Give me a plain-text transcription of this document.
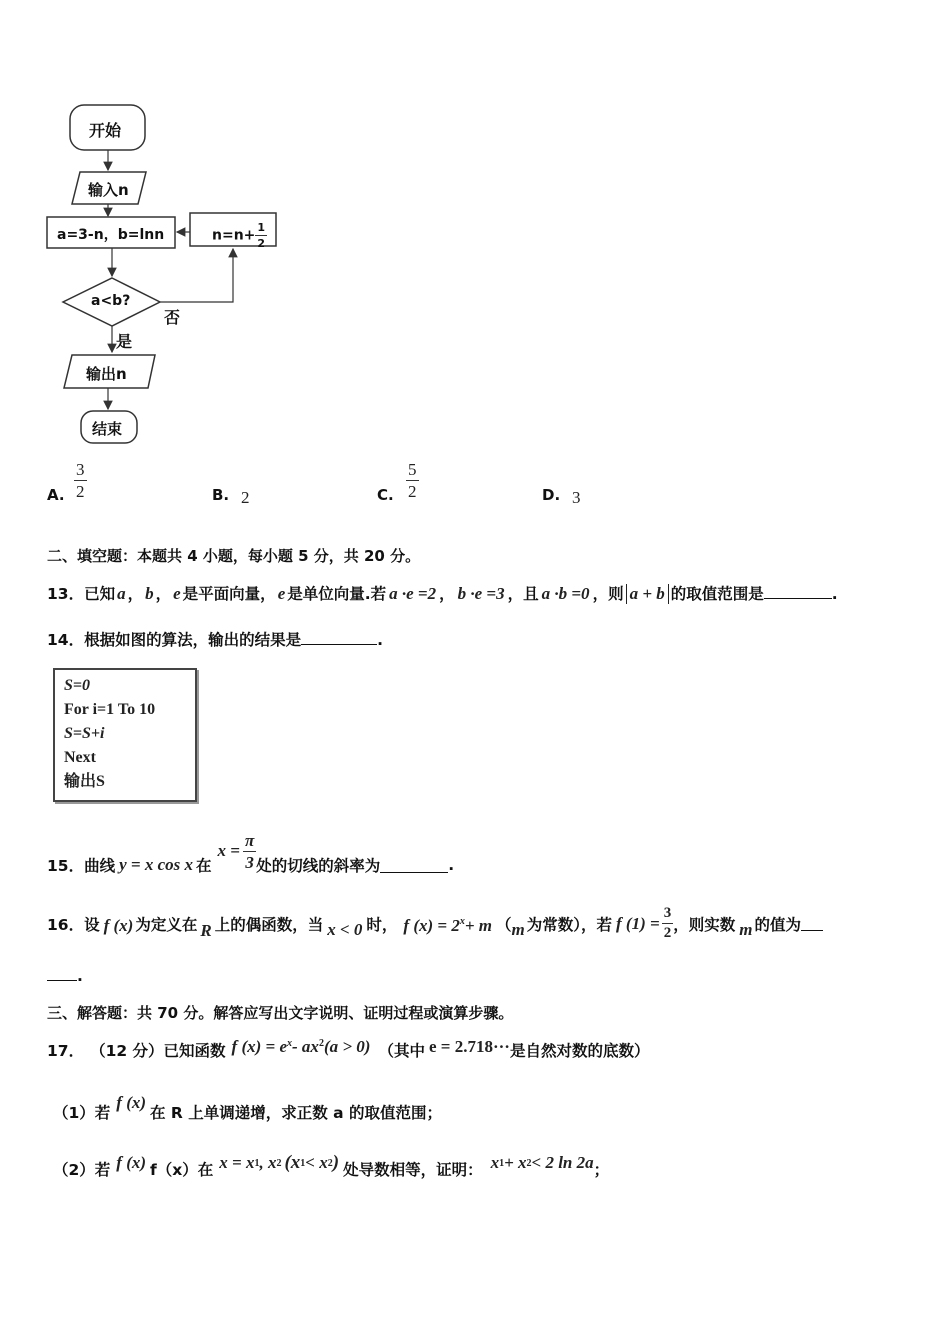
开始
输入n
a=3-n，b=lnn	$n=n+ \frac{1}{2}$
a<b?
否
是
输出n
结束
A. $\frac{3}{2}$	B. 2	C. $\frac{5}{2}$	D. 3
二、填空题：本题共 4 小题，每小题 5 分，共 20 分。
13． 已知 a ， b ， e 是平面向量， e 是单位向量.若 a ·e =2 ， b ·e =3 ，且 a ·b =0 ，则 a + b 的取值范围是	.
14．根据如图的算法，输出的结果是	.
S=0
For i=1 To 10
S=S+i
Next
输出S
15． 曲线 y = x cos x 在
$x = \frac{\pi}{3}$ 处的切线的斜率为	.
16． 设 f (x) 为定义在 R 上的偶函数，当 x < 0 时， f $(x) = 2^x + m$ （ m 为常数），若 f $(1) = \frac{3}{2}$ ，则实数 m 的值为
.
三、解答题：共 70 分。解答应写出文字说明、证明过程或演算步骤。
17． （12 分）已知函数 f $(x) = e^x - ax^2$ (a > 0) （其中 e = 2.718··· 是自然对数的底数）
（1）若
f (x)
在 R 上单调递增，求正数 a 的取值范围；
（2）若 f (x) f（x）在 x = x 1 , x 2 (x 1 < x 2 ) 处导数相等，证明： x 1 + x 2 < 2 ln 2a ；
